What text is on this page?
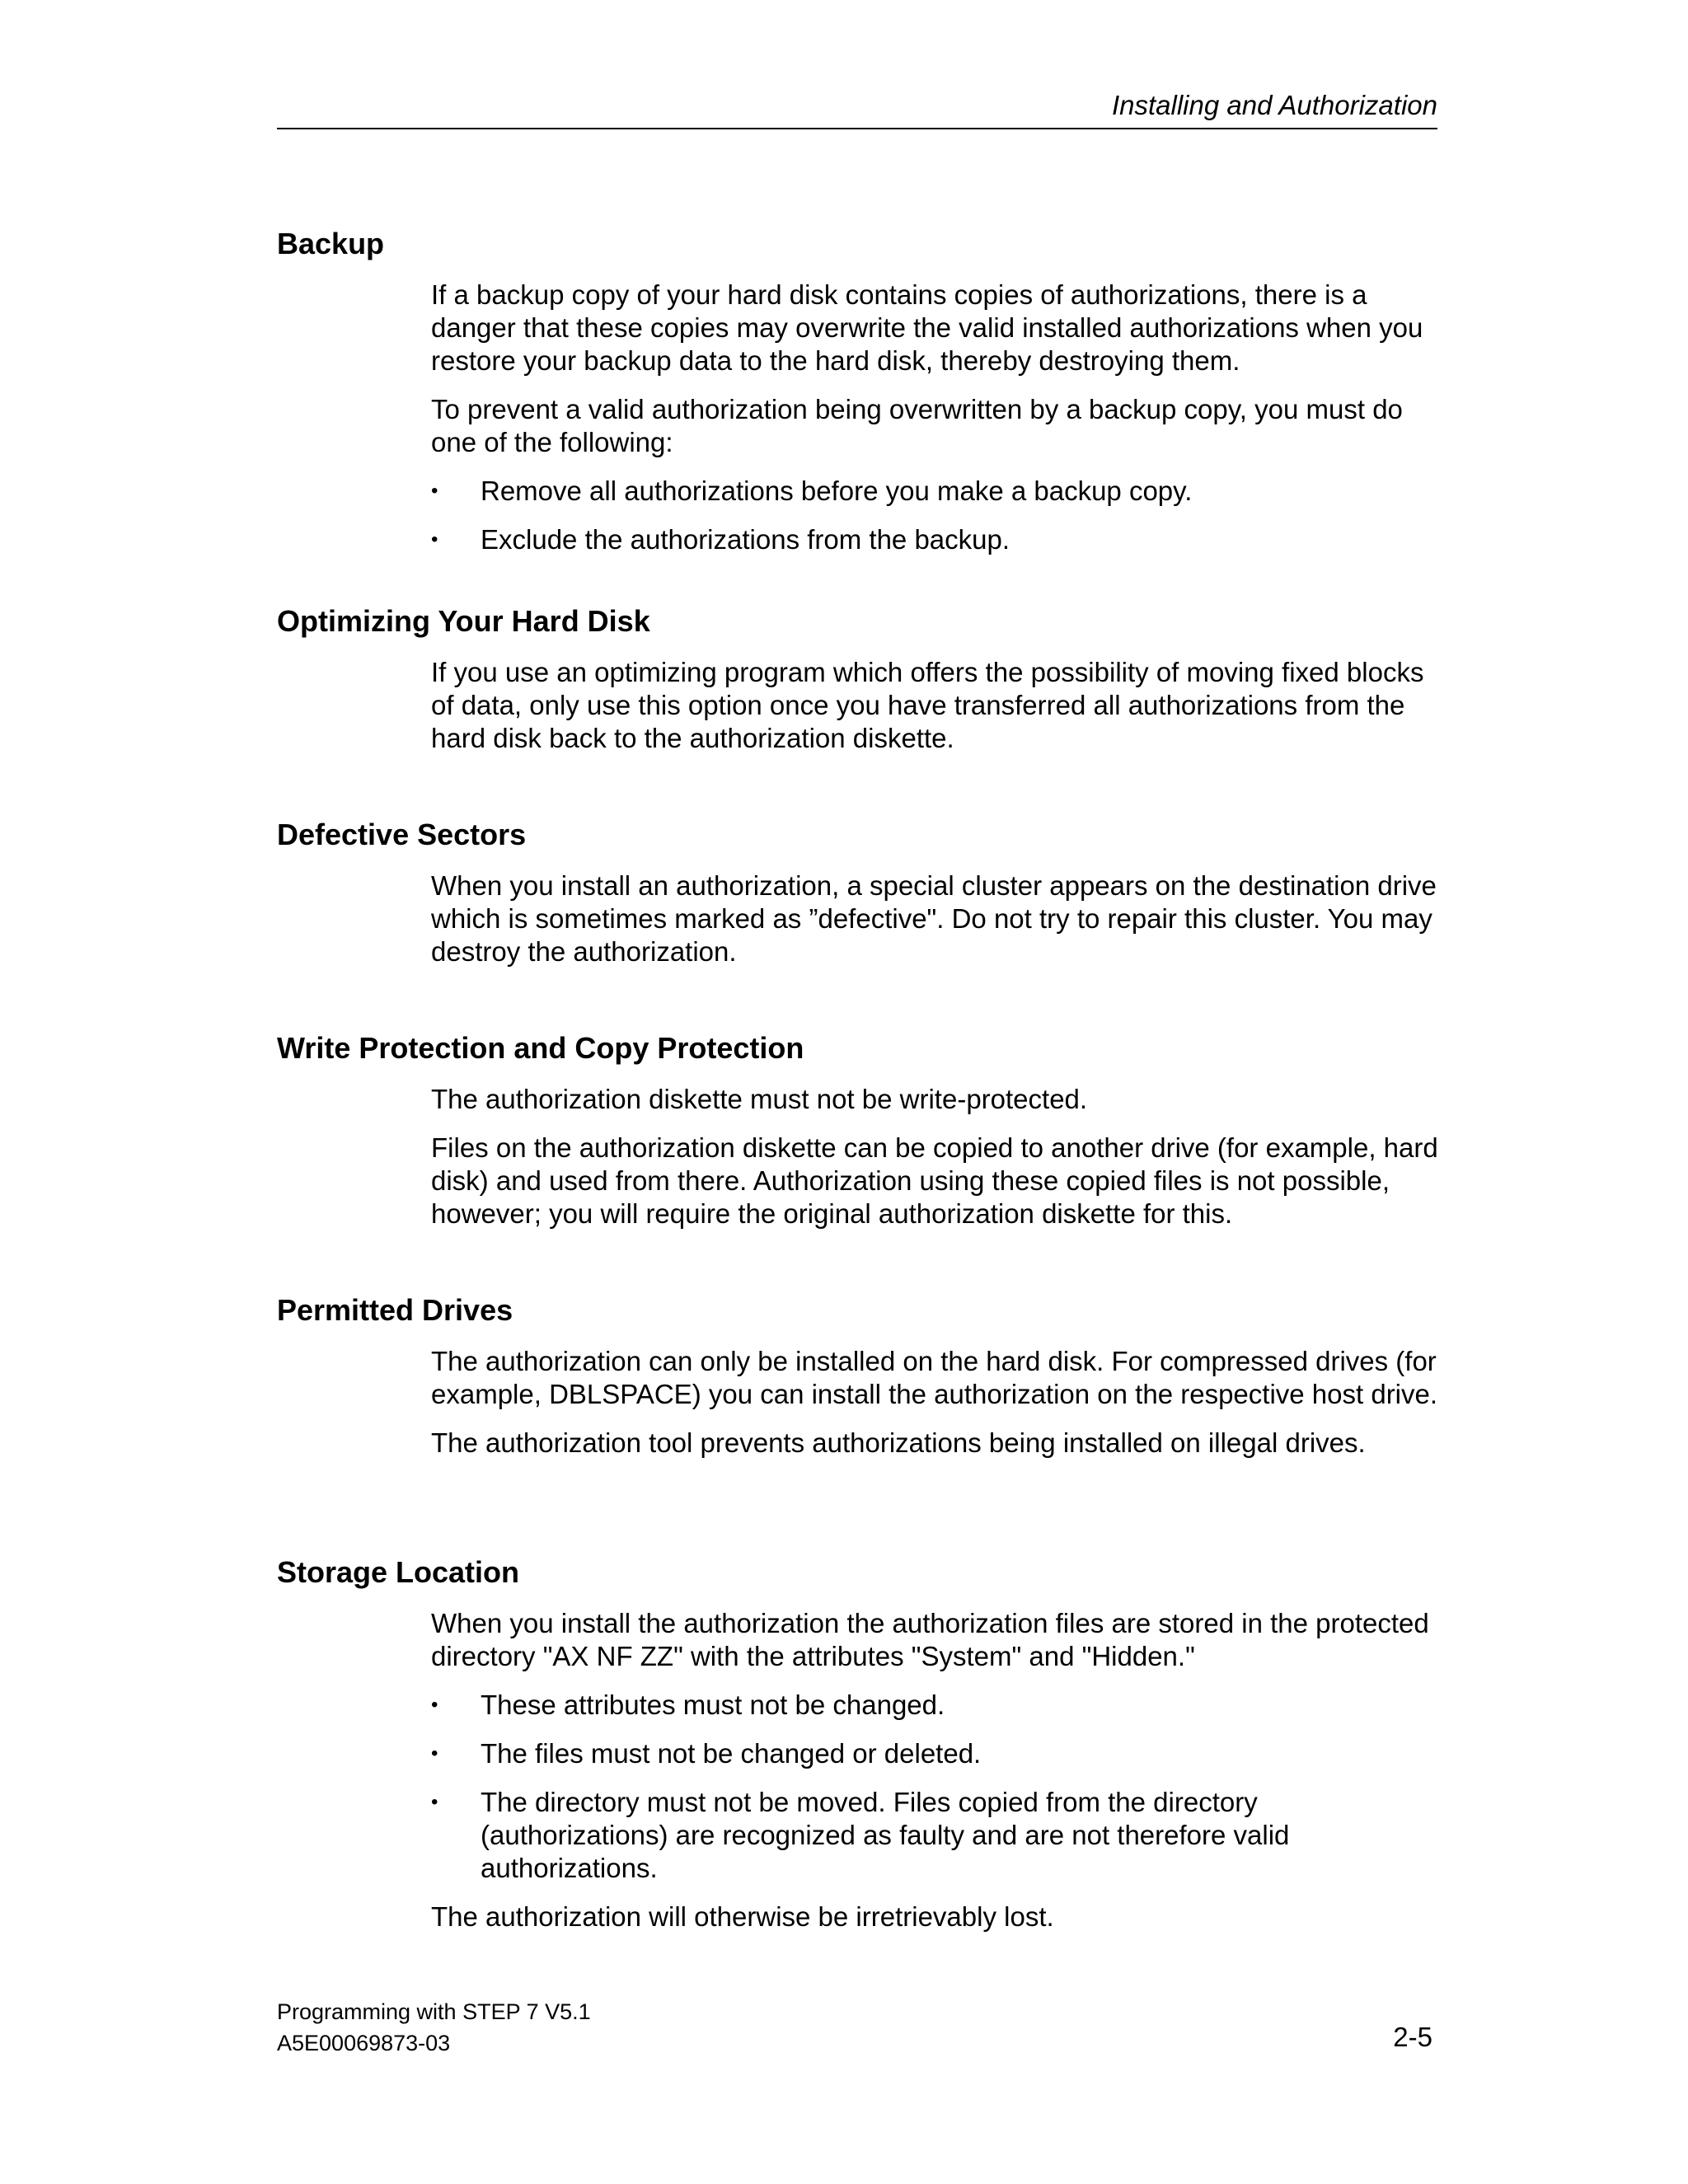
Installing and Authorization
Backup

If a backup copy of your hard disk contains copies of authorizations, there is a danger that these copies may overwrite the valid installed authorizations when you restore your backup data to the hard disk, thereby destroying them.

To prevent a valid authorization being overwritten by a backup copy, you must do one of the following:

• Remove all authorizations before you make a backup copy.
• Exclude the authorizations from the backup.
Optimizing Your Hard Disk

If you use an optimizing program which offers the possibility of moving fixed blocks of data, only use this option once you have transferred all authorizations from the hard disk back to the authorization diskette.

Defective Sectors

When you install an authorization, a special cluster appears on the destination drive which is sometimes marked as ”defective". Do not try to repair this cluster. You may destroy the authorization.

Write Protection and Copy Protection

The authorization diskette must not be write-protected.

Files on the authorization diskette can be copied to another drive (for example, hard disk) and used from there. Authorization using these copied files is not possible, however; you will require the original authorization diskette for this.

Permitted Drives

The authorization can only be installed on the hard disk. For compressed drives (for example, DBLSPACE) you can install the authorization on the respective host drive.

The authorization tool prevents authorizations being installed on illegal drives.

Storage Location

When you install the authorization the authorization files are stored in the protected directory "AX NF ZZ" with the attributes "System" and "Hidden."

• These attributes must not be changed.
• The files must not be changed or deleted.
• The directory must not be moved. Files copied from the directory (authorizations) are recognized as faulty and are not therefore valid authorizations.

The authorization will otherwise be irretrievably lost.

Programming with STEP 7 V5.1
A5E00069873-03	2-5
